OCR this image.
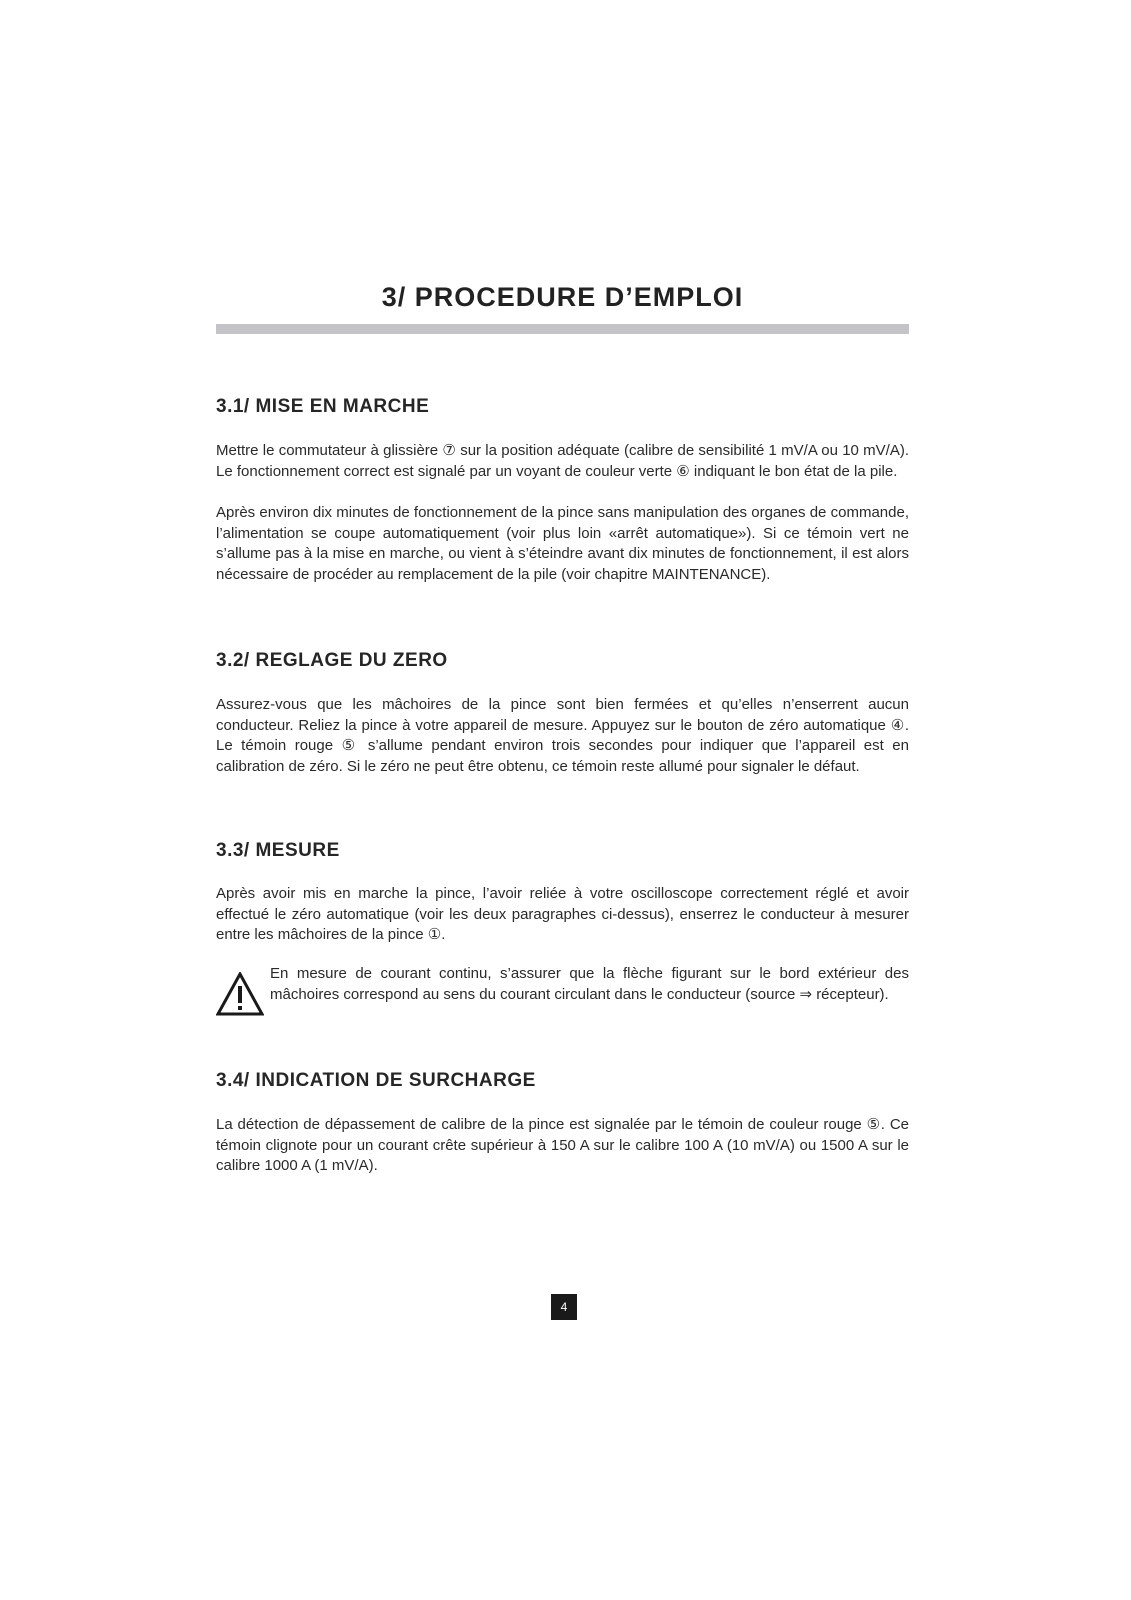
3/ PROCEDURE D’EMPLOI
3.1/ MISE EN MARCHE

Mettre le commutateur à glissière ⑦ sur la position adéquate (calibre de sensibilité 1 mV/A ou 10 mV/A). Le fonctionnement correct est signalé par un voyant de couleur verte ⑥ indiquant le bon état de la pile.

Après environ dix minutes de fonctionnement de la pince sans manipulation des organes de commande, l’alimentation se coupe automatiquement (voir plus loin «arrêt automatique»). Si ce témoin vert ne s’allume pas à la mise en marche, ou vient à s’éteindre avant dix minutes de fonctionnement, il est alors nécessaire de procéder au remplacement de la pile (voir chapitre MAINTENANCE).

3.2/ REGLAGE DU ZERO

Assurez-vous que les mâchoires de la pince sont bien fermées et qu’elles n’enserrent aucun conducteur. Reliez la pince à votre appareil de mesure. Appuyez sur le bouton de zéro automatique ④. Le témoin rouge ⑤ s’allume pendant environ trois secondes pour indiquer que l’appareil est en calibration de zéro. Si le zéro ne peut être obtenu, ce témoin reste allumé pour signaler le défaut.

3.3/ MESURE

Après avoir mis en marche la pince, l’avoir reliée à votre oscilloscope correctement réglé et avoir effectué le zéro automatique (voir les deux paragraphes ci-dessus), enserrez le conducteur à mesurer entre les mâchoires de la pince ①.

En mesure de courant continu, s’assurer que la flèche figurant sur le bord extérieur des mâchoires correspond au sens du courant circulant dans le conducteur (source ⇒ récepteur).

3.4/ INDICATION DE SURCHARGE

La détection de dépassement de calibre de la pince est signalée par le témoin de couleur rouge ⑤. Ce témoin clignote pour un courant crête supérieur à 150 A sur le calibre 100 A (10 mV/A) ou 1500 A sur le calibre 1000 A (1 mV/A).

4
